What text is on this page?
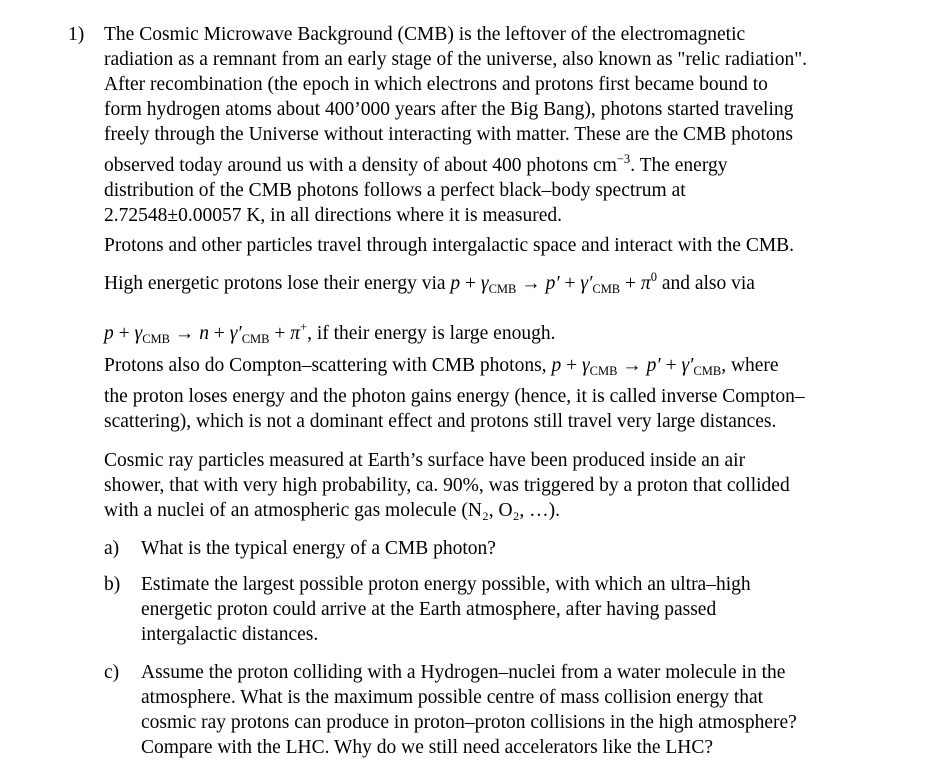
1) The Cosmic Microwave Background (CMB) is the leftover of the electromagnetic
radiation as a remnant from an early stage of the universe, also known as "relic radiation".
After recombination (the epoch in which electrons and protons first became bound to
form hydrogen atoms about 400’000 years after the Big Bang), photons started traveling
freely through the Universe without interacting with matter. These are the CMB photons
observed today around us with a density of about 400 photons $cm^{-3}$. The energy
distribution of the CMB photons follows a perfect black–body spectrum at
2.72548±0.00057 K, in all directions where it is measured.
Protons and other particles travel through intergalactic space and interact with the CMB.
High energetic protons lose their energy via $p + \gamma_{CMB} \to p' + \gamma'_{CMB} + \pi^0$ and also via
$p + \gamma_{CMB} \to n + \gamma'_{CMB} + \pi^+$, if their energy is large enough.
Protons also do Compton–scattering with CMB photons, $p + \gamma_{CMB} \to p' + \gamma'_{CMB}$, where
the proton loses energy and the photon gains energy (hence, it is called inverse Compton–
scattering), which is not a dominant effect and protons still travel very large distances.
Cosmic ray particles measured at Earth’s surface have been produced inside an air
shower, that with very high probability, ca. 90%, was triggered by a proton that collided
with a nuclei of an atmospheric gas molecule (N₂, O₂, …).
a) What is the typical energy of a CMB photon?
b) Estimate the largest possible proton energy possible, with which an ultra–high
energetic proton could arrive at the Earth atmosphere, after having passed
intergalactic distances.
c) Assume the proton colliding with a Hydrogen–nuclei from a water molecule in the
atmosphere. What is the maximum possible centre of mass collision energy that
cosmic ray protons can produce in proton–proton collisions in the high atmosphere?
Compare with the LHC. Why do we still need accelerators like the LHC?
